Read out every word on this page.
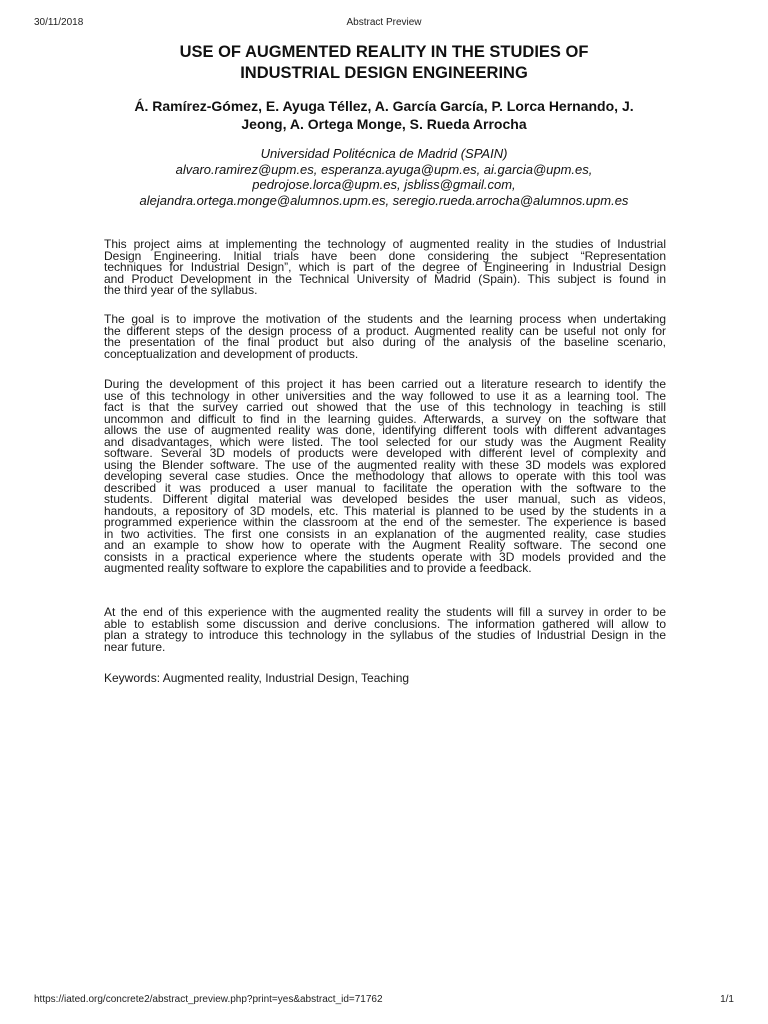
30/11/2018	Abstract Preview
USE OF AUGMENTED REALITY IN THE STUDIES OF
INDUSTRIAL DESIGN ENGINEERING
Á. Ramírez-Gómez, E. Ayuga Téllez, A. García García, P. Lorca Hernando, J.
Jeong, A. Ortega Monge, S. Rueda Arrocha
Universidad Politécnica de Madrid (SPAIN)
alvaro.ramirez@upm.es, esperanza.ayuga@upm.es, ai.garcia@upm.es,
pedrojose.lorca@upm.es, jsbliss@gmail.com,
alejandra.ortega.monge@alumnos.upm.es, seregio.rueda.arrocha@alumnos.upm.es
This project aims at implementing the technology of augmented reality in the studies of Industrial
Design Engineering. Initial trials have been done considering the subject “Representation
techniques for Industrial Design”, which is part of the degree of Engineering in Industrial Design
and Product Development in the Technical University of Madrid (Spain). This subject is found in
the third year of the syllabus.
The goal is to improve the motivation of the students and the learning process when undertaking
the different steps of the design process of a product. Augmented reality can be useful not only for
the presentation of the final product but also during of the analysis of the baseline scenario,
conceptualization and development of products.
During the development of this project it has been carried out a literature research to identify the
use of this technology in other universities and the way followed to use it as a learning tool. The
fact is that the survey carried out showed that the use of this technology in teaching is still
uncommon and difficult to find in the learning guides. Afterwards, a survey on the software that
allows the use of augmented reality was done, identifying different tools with different advantages
and disadvantages, which were listed. The tool selected for our study was the Augment Reality
software. Several 3D models of products were developed with different level of complexity and
using the Blender software. The use of the augmented reality with these 3D models was explored
developing several case studies. Once the methodology that allows to operate with this tool was
described it was produced a user manual to facilitate the operation with the software to the
students. Different digital material was developed besides the user manual, such as videos,
handouts, a repository of 3D models, etc. This material is planned to be used by the students in a
programmed experience within the classroom at the end of the semester. The experience is based
in two activities. The first one consists in an explanation of the augmented reality, case studies
and an example to show how to operate with the Augment Reality software. The second one
consists in a practical experience where the students operate with 3D models provided and the
augmented reality software to explore the capabilities and to provide a feedback.
At the end of this experience with the augmented reality the students will fill a survey in order to be
able to establish some discussion and derive conclusions. The information gathered will allow to
plan a strategy to introduce this technology in the syllabus of the studies of Industrial Design in the
near future.
Keywords: Augmented reality, Industrial Design, Teaching
https://iated.org/concrete2/abstract_preview.php?print=yes&abstract_id=71762	1/1
